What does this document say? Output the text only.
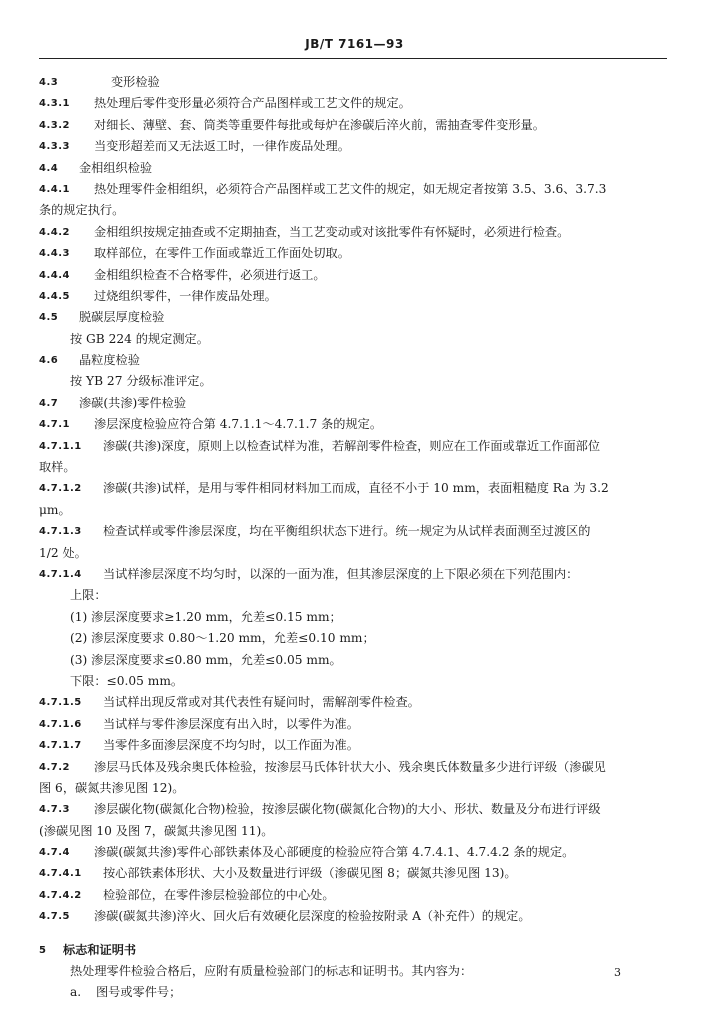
JB/T 7161—93
4.3	变形检验
4.3.1 热处理后零件变形量必须符合产品图样或工艺文件的规定。
4.3.2 对细长、薄壁、套、筒类等重要件每批或每炉在渗碳后淬火前，需抽查零件变形量。
4.3.3 当变形超差而又无法返工时，一律作废品处理。
4.4 金相组织检验
4.4.1 热处理零件金相组织，必须符合产品图样或工艺文件的规定，如无规定者按第 3.5、3.6、3.7.3
条的规定执行。
4.4.2 金相组织按规定抽查或不定期抽查，当工艺变动或对该批零件有怀疑时，必须进行检查。
4.4.3 取样部位，在零件工作面或靠近工作面处切取。
4.4.4 金相组织检查不合格零件，必须进行返工。
4.4.5 过烧组织零件，一律作废品处理。
4.5 脱碳层厚度检验
按 GB 224 的规定测定。
4.6 晶粒度检验
按 YB 27 分级标准评定。
4.7 渗碳(共渗)零件检验
4.7.1 渗层深度检验应符合第 4.7.1.1～4.7.1.7 条的规定。
4.7.1.1 渗碳(共渗)深度，原则上以检查试样为准，若解剖零件检查，则应在工作面或靠近工作面部位
取样。
4.7.1.2 渗碳(共渗)试样，是用与零件相同材料加工而成，直径不小于 10 mm，表面粗糙度 Ra 为 3.2
μm。
4.7.1.3 检查试样或零件渗层深度，均在平衡组织状态下进行。统一规定为从试样表面测至过渡区的
1/2 处。
4.7.1.4 当试样渗层深度不均匀时，以深的一面为准，但其渗层深度的上下限必须在下列范围内：
上限：
(1) 渗层深度要求≥1.20 mm，允差≤0.15 mm；
(2) 渗层深度要求 0.80～1.20 mm，允差≤0.10 mm；
(3) 渗层深度要求≤0.80 mm，允差≤0.05 mm。
下限：≤0.05 mm。
4.7.1.5 当试样出现反常或对其代表性有疑问时，需解剖零件检查。
4.7.1.6 当试样与零件渗层深度有出入时，以零件为准。
4.7.1.7 当零件多面渗层深度不均匀时，以工作面为准。
4.7.2 渗层马氏体及残余奥氏体检验，按渗层马氏体针状大小、残余奥氏体数量多少进行评级（渗碳见
图 6，碳氮共渗见图 12)。
4.7.3 渗层碳化物(碳氮化合物)检验，按渗层碳化物(碳氮化合物)的大小、形状、数量及分布进行评级
(渗碳见图 10 及图 7，碳氮共渗见图 11)。
4.7.4 渗碳(碳氮共渗)零件心部铁素体及心部硬度的检验应符合第 4.7.4.1、4.7.4.2 条的规定。
4.7.4.1 按心部铁素体形状、大小及数量进行评级（渗碳见图 8；碳氮共渗见图 13)。
4.7.4.2 检验部位，在零件渗层检验部位的中心处。
4.7.5 渗碳(碳氮共渗)淬火、回火后有效硬化层深度的检验按附录 A（补充件）的规定。
5 标志和证明书
热处理零件检验合格后，应附有质量检验部门的标志和证明书。其内容为：
a. 图号或零件号；
3
